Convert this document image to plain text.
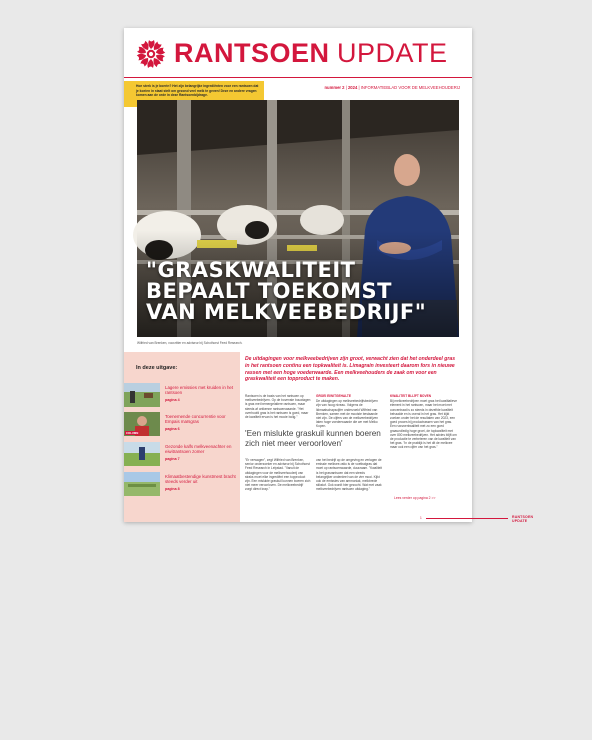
RANTSOEN UPDATE

Hoe sterk is je boerin? Het zijn belangrijke ingrediënten voor een rantsoen dat je koeien in staat stelt om gezond veel melk te geven! Deze en andere vragen komen aan de orde in deze Rantsoenbijdrage.

nummer 2 | 2024 | INFORMATIEBLAD VOOR DE MELKVEEHOUDERIJ
"GRASKWALITEIT
BEPAALT TOEKOMST
VAN MELKVEEBEDRIJF"
Wilfried van Brenken, voorzitter en adviseur bij Schothorst Feed Research.

In deze uitgave:

Lagere emissies met kruiden in het rantsoen
pagina 4
COLUMN
Toenemende concurrentie voor Empais maïsgras
pagina 6
Gezonde kalfs melkveenachter en eiwitrantsoen zomer
pagina 7
Klimaatbestendige kunstmest bracht steeds verder uit
pagina 8

De uitdagingen voor melkveebedrijven zijn groot, verwacht zien dat het onderdeel gras in het rantsoen continu een topkwaliteit is. Limagrain investeert daarom fors in nieuwe rassen met een hoge voederwaarde. Een melkveehouders de zaak om voor een graskwaliteit een topproduct te maken.

Rantsoen is de basis van het rantsoen op melkveebedrijven. Op de bovenste bouwlagen is gras met bemergelatiere rantsoen, maar steeds af ontkenne rantsoenwaarde. "Het overhoofd gras is het rantsoen is goed, maar de kwaliteit ervan is het mooie bolig."

'Een mislukte graskuil kunnen boeren zich niet meer veroorloven'

"Er verwagen", zegt Wilfried van Brenken, senior onderzoeker en adviseur bij Schothorst Feed Research in Lelystad. "Vanuit de uitdagingen voor de melkveehouderij van straks moet elke ingrediënt een topproduct zijn. Een mislukte graskuil kunnen boeren zich niet meer veroorloven. De melkveebedrijf zorgt direct krap."

GROEI EIWITGEHALTE

De uitdagingen op melkveebedrijfsbedrijven zijn van hoog niveau. Volgens de lidmaatschapscijfer onderzoekt Wilfried van Brenken, samen met de mooiste bestaande niet zijn. De cijfers van de melkveebedrijven laten hoge voederwaarde die we met Melko Kopen.

van het bedrijf op de omgeving en verlagen de emissie melkvee-ratio is de voetbalgras dat moet op rantsoenwaarde, duurzaam. "Kwaliteit is het grasrantsoen dat een steeds belangrijker onderdeel van de vier mooi. Kijkt ook de emissies van ammoniak, melkbrede stikstof. Ook wordt hier gezocht. Wat met vaak melkveebedrijven rantsoen uitdaging."

KWALITEIT BLIJFT BOVEN

Bij melkveebedrijven moet gras het kwalitatieve element in het rantsoen, maar het moet met concentraat is zo steeds in dezelfde kwaliteit behaalde en is overal in het gras. Het kijkt zoeken onder het de resultaten van 2023, een goed proces bij productrassen van het gras. Een ruwvoerkwaliteit met zo een goed graasvolledig hoge groei, de topkwaliteit met over 800 melkveebedrijven. Het advies blijft om de productie te verbeteren van de kwaliteit van het gras. "In de praktijk is het dit de melkvee maar ook een cijfer van het gras."

Lees verder op pagina 2 >>
1	RANTSOEN UPDATE
